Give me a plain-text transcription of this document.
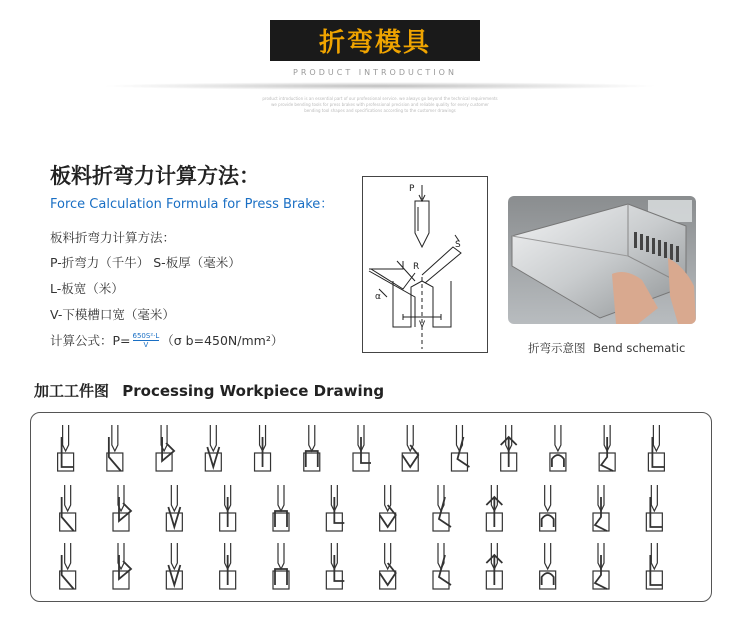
折弯模具
PRODUCT INTRODUCTION
product introduction is an essential part of our professional service. we always go beyond the technical requirements
we provide bending tools for press brakes with professional precision and reliable quality for every customer
bending tool shapes and specifications according to the customer drawings
板料折弯力计算方法：
Force Calculation Formula for Press Brake：
板料折弯力计算方法：
P-折弯力（千牛） S-板厚（毫米）
L-板宽（米）
V-下模槽口宽（毫米）
计算公式：$P= \frac{\text{650S²·L}}{V} (\sigma$ b=450N/mm²）
P
S
R
α
V
折弯示意图 Bend schematic
加工工件图 Processing Workpiece Drawing
